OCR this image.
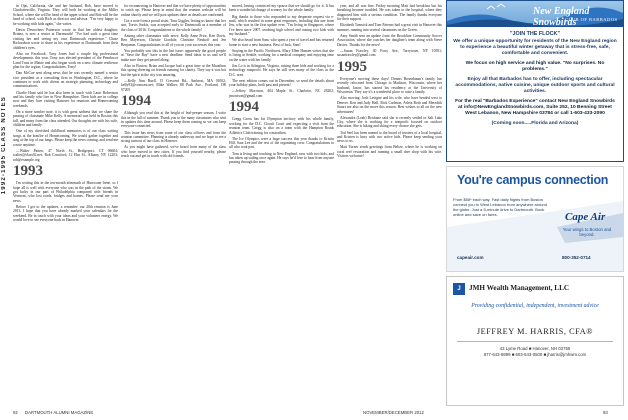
1992-1995 CLASS NOTES

in Ojai, California, she and her husband, Bob, have moved to Charlottesville, Virginia. They will both be working at the Miller School, where she will be head of the upper school and Bob will be the head of school, with Rich as director and advisor. "I'm very happy to be working with kids again," she writes.

Dawn Desrochers Patterson wrote in that her oldest daughter, Briana, is now a senior at Dartmouth! "I've had such a great time visiting her and seeing my own Dartmouth experience." Chase Richardson wrote to share in his experience at Dartmouth from their children's eyes.

Also on Facebook, Tony Jones had a couple big professional developments this year. Tony was elected president of the Penobscot Land Trust in Maine and also began work on a new climate resilience plan for the region. Congratulations, Tony!

Dan McCue sent along news that he was recently named a senior vice president at a consulting firm in Washington, D.C., where he continues to work with clients on strategic planning, technology and communications.

Charlie Hunt said he has also been in touch with Lauri Robertson and his family who live in New Hampshire. Their kids are in college now and they love visiting Hanover for reunions and Homecoming weekends.

On a more somber note, it is with great sadness that we share the passing of classmate Mike Kelly. A memorial was held in Boston this fall, and many from the class attended. Our thoughts are with his wife, children and family.

One of my cherished childhood memories is of our class writing songs at the bonfire of Homecoming. We would gather together and sing at the top of our lungs. Please keep the news coming, and send me a note anytime.

—Walter Patten, 47 North St., Bridgeport, CT 06604; walter@class92.net; Rob Crawford, 12 Elm St., Albany, NY 12203; rob@example.org

1993

I'm writing this in the ten-month aftermath of Hurricane Irene, so I hope all is well with everyone who was in the path of the storm. We got lucky in our part of Philadelphia compared with friends in Vermont, who lost roads, bridges and homes. Please send me your news.

Before I get to the updates, a reminder: our 20th reunion is June 2013. I hope that you have already marked your calendars for the weekend. Be in touch with your ideas and your volunteer energy. We would love to see everyone back in Hanover.

for reconnecting in Hanover and that we have plenty of opportunities to catch up. Please keep in mind that the reunion website will be online shortly and we will post updates there as details are confirmed.

Got a note from a proud sister, Tara Giggles, letting us know that her son, Travis Sarkis, was accepted early to Dartmouth as a member of the class of 2016. Congratulations to the whole family!

Among other classmates with news: Kelly Anne Prior, Ken Davis, Ben Mayerson, Christie Goodale, Christine Neuhoff and Jen Benjamin. Congratulations to all of you on your successes this year.

You probably saw this in the last issue: apparently the good people at "Save the Bay" have a new deadline. Send ideas to us and we'll make sure they get passed along.

Also in Boston, Brian and Jacque had a great time at the Marathon this spring cheering on friends running for charity. They say it was hot but the spirit in the city was amazing.

—Kelly Ann Buell, 15 Crescent Rd., Amherst, MA 01002; kelly93@comcast.net; Mike Walker, 88 Park Ave., Portland, OR 97205

1994

Although you read this at the height of leaf-peeper season, I write this in the lull of summer. Thank you to the many classmates who sent in updates this time around. Please keep them coming so we can keep everyone connected.

This issue has news from some of our class officers and from the reunion committee. Planning is already underway and we hope to see a strong turnout of our class in Hanover.

As you might have gathered, we've heard from many of the class who have moved to new cities. If you find yourself nearby, please reach out and get in touch with old friends.

moved, having convinced my spouse that we should go for it. It has been a wonderful change of scenery for the whole family.

Big thanks to those who responded to my desperate request via e-mail, which resulted in some great responses, including this one from Jen, who was in the first update ever. "I'm living in Singapore, where I've been since 2007, teaching high school and raising two kids with my husband."

We also heard from Sam, who spent a year of travel and has returned home to start a new business. Best of luck, Sam!

Staying in the Pacific Northwest, Mary Ellen Hansen writes that she is living in Seattle, working for a medical company and enjoying time on the water with her family.

Jim Lo is in Arlington, Virginia, raising three kids and working for a technology nonprofit. He says he still sees many of the class in the D.C. area.

The next edition comes out in December, so send the details about your holiday plans, both past and present!

—Jeffrey Morrison, 404 Maple St., Charlotte, NC 28202; jmorrison@gmail.com

1994

Gregg Gross has hit Olympian territory with his whole family, working for the D.C. Circuit Court and expecting a visit from the reunion team. Gregg is also on a team with the Hampton Roads Athletics Club training for a marathon.

The Ice Olympics were a huge success this year thanks to Kristin Hill, Sara Lee and the rest of the organizing crew. Congratulations to all who took part.

Tom is living and teaching in New England, now with two kids, and has taken up sailing once again. He says he'd love to hear from anyone passing through the area.

year, and all was fine. Friday morning Matt had breakfast but his breathing became troubled. He was taken to the hospital, where they diagnosed him with a serious condition. The family thanks everyone for their support.

Elizabeth Tomsick and Tom Paterno had a great visit in Hanover this summer, running into several classmates on the Green.

Amy Smith sent an update from the Brookline Community Soccer Association, where she coaches her daughter's team along with Steve Davies. Thanks for the news!

—Susan Frawley, 30 Forty Ave., Tarrytown, NY 10591; susanfrawley@gmail.com

1995

Everyone's moving these days! Dennis Rosenbaum's family has recently relocated from Chicago to Madison, Wisconsin, where her husband, Jason, has started his residency at the University of Wisconsin. They say it's a wonderful place to raise a family.

Also moving: Josh Lavigne and his wife, who have headed west to Denver. Ken and Judy Hall, Rick Carleton, Arleta Roth and Meredith Stuart are also on the move this season. Best wishes to all on the new adventures!

Alexandra (Leah) Brisbane said she is recently settled in Salt Lake City, where she is working for a nonprofit focused on outdoor education. She is hiking and skiing every chance she gets.

Tod Seel has been named to the board of trustees of a local hospital, and Kristen is busy with two active kids. Please keep sending your news to us.

Matt Turner sends greetings from Belize, where he is working on coral reef restoration and running a small dive shop with his wife. Visitors welcome!

92 DARTMOUTH ALUMNI MAGAZINE	NOVEMBER/DECEMBER 2012	93
New England Snowbirds
CLUB OF BARBADOS
"JOIN THE FLOCK"

We offer a unique opportunity for residents of the New England region to experience a beautiful winter getaway that is stress-free, safe, comfortable and convenient.

We focus on high service and high value. "No surprises. No problems."

Enjoy all that Barbados has to offer, including spectacular accommodations, native cuisine, unique outdoor sports and cultural activities.

For the real "Barbados Experience" contact New England Snowbirds at info@NewEnglandSnowbirds.com, Suite 252, 10 Benning Street West Lebanon, New Hampshire 03784 or call 1-603-433-2090

(Coming soon.....Florida and Arizona)

You're campus connection
From $58* each way. Fast daily flights from Boston connect you to West Lebanon from anywhere around the globe. Just a 5-minute drive to Dartmouth. Book online and save on fares.	Cape Air
Your wings to Boston and beyond.
capeair.com	800-352-0714
J	JMH Wealth Management, LLC
Providing confidential, independent, investment advice
JEFFREY M. HARRIS, CFA®
43 Lyme Road ■ Hanover, NH 03755
877-643-8899 ■ 603-643-0500 ■ jharris@jmhwm.com
